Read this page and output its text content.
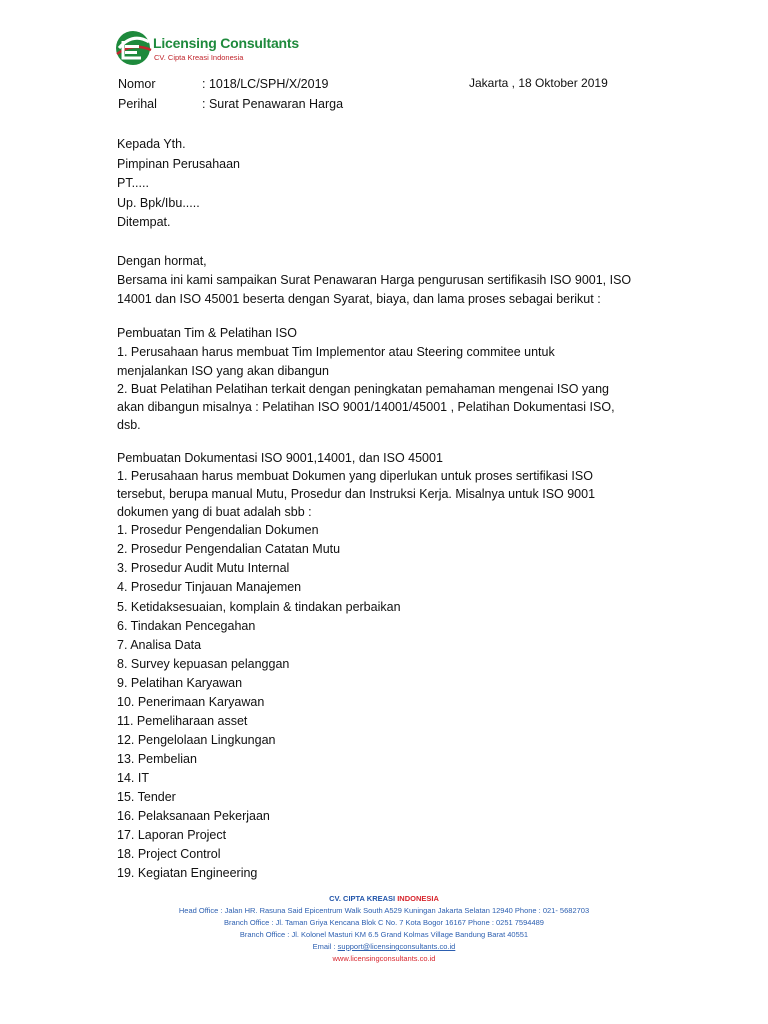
Licensing Consultants
CV. Cipta Kreasi Indonesia
Nomor	: 1018/LC/SPH/X/2019
Perihal	: Surat Penawaran Harga
Jakarta , 18 Oktober 2019
Kepada Yth.
Pimpinan Perusahaan
PT.....
Up. Bpk/Ibu.....
Ditempat.
Dengan hormat,
Bersama ini kami sampaikan Surat Penawaran Harga pengurusan sertifikasih ISO 9001, ISO
14001 dan ISO 45001 beserta dengan Syarat, biaya, dan lama proses sebagai berikut :
Pembuatan Tim & Pelatihan ISO
1. Perusahaan harus membuat Tim Implementor atau Steering commitee untuk
menjalankan ISO yang akan dibangun
2. Buat Pelatihan Pelatihan terkait dengan peningkatan pemahaman mengenai ISO yang
akan dibangun misalnya : Pelatihan ISO 9001/14001/45001 , Pelatihan Dokumentasi ISO,
dsb.
Pembuatan Dokumentasi ISO 9001,14001, dan ISO 45001
1. Perusahaan harus membuat Dokumen yang diperlukan untuk proses sertifikasi ISO
tersebut, berupa manual Mutu, Prosedur dan Instruksi Kerja. Misalnya untuk ISO 9001
dokumen yang di buat adalah sbb :
1. Prosedur Pengendalian Dokumen
2. Prosedur Pengendalian Catatan Mutu
3. Prosedur Audit Mutu Internal
4. Prosedur Tinjauan Manajemen
5. Ketidaksesuaian, komplain & tindakan perbaikan
6. Tindakan Pencegahan
7. Analisa Data
8. Survey kepuasan pelanggan
9. Pelatihan Karyawan
10. Penerimaan Karyawan
11. Pemeliharaan asset
12. Pengelolaan Lingkungan
13. Pembelian
14. IT
15. Tender
16. Pelaksanaan Pekerjaan
17. Laporan Project
18. Project Control
19. Kegiatan Engineering
CV. CIPTA KREASI INDONESIA
Head Office : Jalan HR. Rasuna Said Epicentrum Walk South A529 Kuningan Jakarta Selatan 12940 Phone : 021- 5682703
Branch Office : Jl. Taman Griya Kencana Blok C No. 7 Kota Bogor 16167 Phone : 0251 7594489
Branch Office : Jl. Kolonel Masturi KM 6.5 Grand Kolmas Village Bandung Barat 40551
Email : support@licensingconsultants.co.id
www.licensingconsultants.co.id
